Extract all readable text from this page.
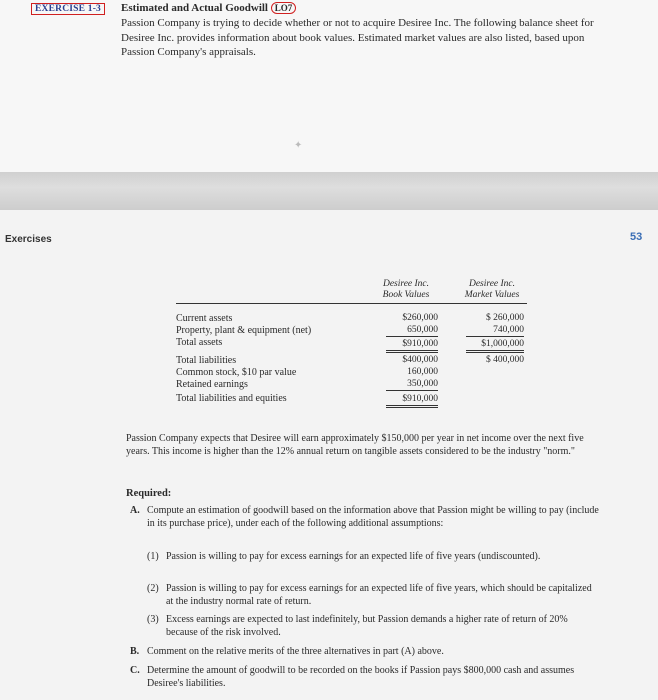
EXERCISE 1-3	Estimated and Actual Goodwill LO7
Passion Company is trying to decide whether or not to acquire Desiree Inc. The following balance sheet for Desiree Inc. provides information about book values. Estimated market values are also listed, based upon Passion Company's appraisals.
✦
Exercises	53
Desiree Inc.
Book Values
Desiree Inc.
Market Values
Current assets
Property, plant & equipment (net)
Total assets
Total liabilities
Common stock, $10 par value
Retained earnings
Total liabilities and equities
$260,000
650,000
$910,000
$400,000
160,000
350,000
$910,000
$ 260,000
740,000
$1,000,000
$ 400,000
Passion Company expects that Desiree will earn approximately $150,000 per year in net income over the next five years. This income is higher than the 12% annual return on tangible assets considered to be the industry "norm."
Required:
A. Compute an estimation of goodwill based on the information above that Passion might be willing to pay (include in its purchase price), under each of the following additional assumptions:
(1) Passion is willing to pay for excess earnings for an expected life of five years (undiscounted).
(2) Passion is willing to pay for excess earnings for an expected life of five years, which should be capitalized at the industry normal rate of return.
(3) Excess earnings are expected to last indefinitely, but Passion demands a higher rate of return of 20% because of the risk involved.
B. Comment on the relative merits of the three alternatives in part (A) above.
C. Determine the amount of goodwill to be recorded on the books if Passion pays $800,000 cash and assumes Desiree's liabilities.
